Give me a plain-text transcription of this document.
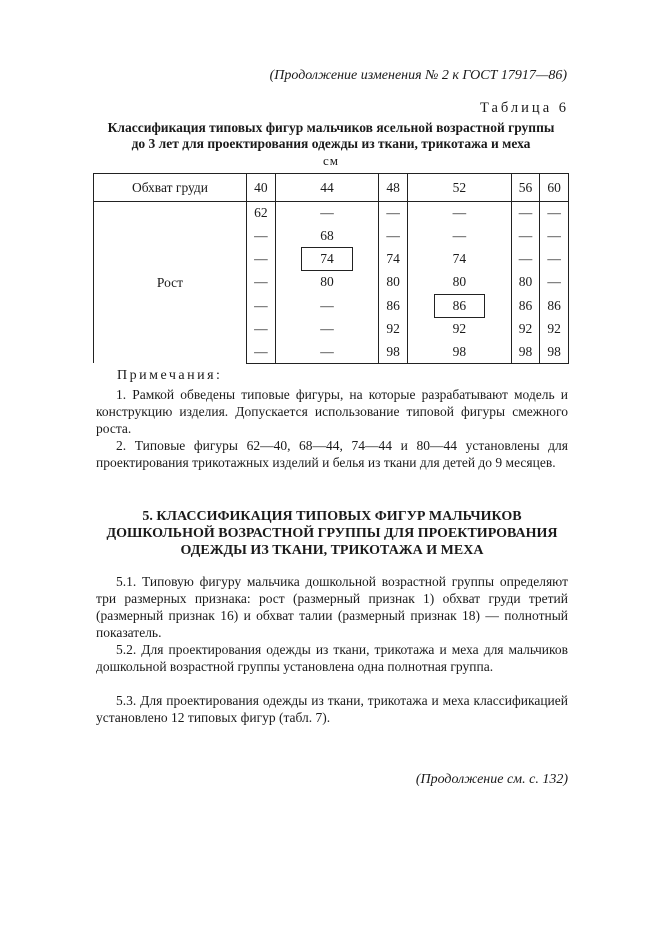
(Продолжение изменения № 2 к ГОСТ 17917—86)
Таблица 6
Классификация типовых фигур мальчиков ясельной возрастной группы
до 3 лет для проектирования одежды из ткани, трикотажа и меха
см
Обхват груди	40	44	48	52	56	60
Рост	62	—	—	—	—	—
	—	68	—	—	—	—
	—	74	74	74	—	—
	—	80	80	80	80	—
	—	—	86	86	86	86
	—	—	92	92	92	92
	—	—	98	98	98	98
Примечания:
1. Рамкой обведены типовые фигуры, на которые разрабатывают модель и конструкцию изделия. Допускается использование типовой фигуры смежного роста.
2. Типовые фигуры 62—40, 68—44, 74—44 и 80—44 установлены для проектирования трикотажных изделий и белья из ткани для детей до 9 месяцев.
5. КЛАССИФИКАЦИЯ ТИПОВЫХ ФИГУР МАЛЬЧИКОВ
ДОШКОЛЬНОЙ ВОЗРАСТНОЙ ГРУППЫ ДЛЯ ПРОЕКТИРОВАНИЯ
ОДЕЖДЫ ИЗ ТКАНИ, ТРИКОТАЖА И МЕХА
5.1. Типовую фигуру мальчика дошкольной возрастной группы определяют три размерных признака: рост (размерный признак 1) обхват груди третий (размерный признак 16) и обхват талии (размерный признак 18) — полнотный показатель.
5.2. Для проектирования одежды из ткани, трикотажа и меха для мальчиков дошкольной возрастной группы установлена одна полнотная группа.
5.3. Для проектирования одежды из ткани, трикотажа и меха классификацией установлено 12 типовых фигур (табл. 7).
(Продолжение см. с. 132)
